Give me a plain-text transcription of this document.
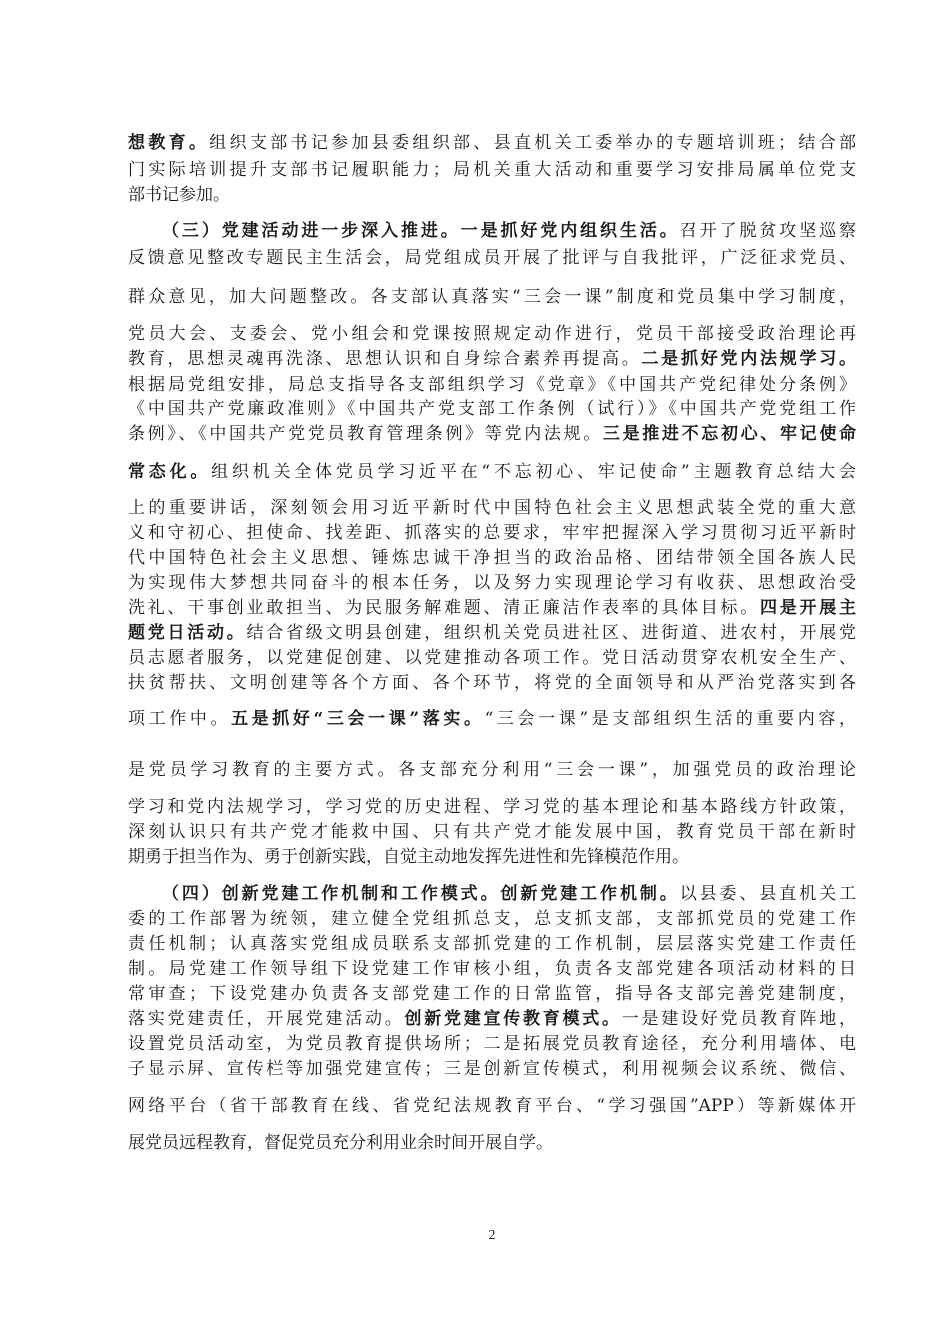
想教育。组织支部书记参加县委组织部、县直机关工委举办的专题培训班；结合部
门实际培训提升支部书记履职能力；局机关重大活动和重要学习安排局属单位党支
部书记参加。
（三）党建活动进一步深入推进。一是抓好党内组织生活。召开了脱贫攻坚巡察
反馈意见整改专题民主生活会，局党组成员开展了批评与自我批评，广泛征求党员、
群众意见，加大问题整改。各支部认真落实“三会一课”制度和党员集中学习制度，
党员大会、支委会、党小组会和党课按照规定动作进行，党员干部接受政治理论再
教育，思想灵魂再洗涤、思想认识和自身综合素养再提高。二是抓好党内法规学习。
根据局党组安排，局总支指导各支部组织学习《党章》《中国共产党纪律处分条例》
《中国共产党廉政准则》《中国共产党支部工作条例（试行）》《中国共产党党组工作
条例》、《中国共产党党员教育管理条例》等党内法规。三是推进不忘初心、牢记使命
常态化。组织机关全体党员学习近平在“不忘初心、牢记使命”主题教育总结大会
上的重要讲话，深刻领会用习近平新时代中国特色社会主义思想武装全党的重大意
义和守初心、担使命、找差距、抓落实的总要求，牢牢把握深入学习贯彻习近平新时
代中国特色社会主义思想、锤炼忠诚干净担当的政治品格、团结带领全国各族人民
为实现伟大梦想共同奋斗的根本任务，以及努力实现理论学习有收获、思想政治受
洗礼、干事创业敢担当、为民服务解难题、清正廉洁作表率的具体目标。四是开展主
题党日活动。结合省级文明县创建，组织机关党员进社区、进街道、进农村，开展党
员志愿者服务，以党建促创建、以党建推动各项工作。党日活动贯穿农机安全生产、
扶贫帮扶、文明创建等各个方面、各个环节，将党的全面领导和从严治党落实到各
项工作中。五是抓好“三会一课”落实。“三会一课”是支部组织生活的重要内容，
是党员学习教育的主要方式。各支部充分利用“三会一课”，加强党员的政治理论
学习和党内法规学习，学习党的历史进程、学习党的基本理论和基本路线方针政策，
深刻认识只有共产党才能救中国、只有共产党才能发展中国，教育党员干部在新时
期勇于担当作为、勇于创新实践，自觉主动地发挥先进性和先锋模范作用。
（四）创新党建工作机制和工作模式。创新党建工作机制。以县委、县直机关工
委的工作部署为统领，建立健全党组抓总支，总支抓支部，支部抓党员的党建工作
责任机制；认真落实党组成员联系支部抓党建的工作机制，层层落实党建工作责任
制。局党建工作领导组下设党建工作审核小组，负责各支部党建各项活动材料的日
常审查；下设党建办负责各支部党建工作的日常监管，指导各支部完善党建制度，
落实党建责任，开展党建活动。创新党建宣传教育模式。一是建设好党员教育阵地，
设置党员活动室，为党员教育提供场所；二是拓展党员教育途径，充分利用墙体、电
子显示屏、宣传栏等加强党建宣传；三是创新宣传模式，利用视频会议系统、微信、
网络平台（省干部教育在线、省党纪法规教育平台、“学习强国”APP）等新媒体开
展党员远程教育，督促党员充分利用业余时间开展自学。
2
